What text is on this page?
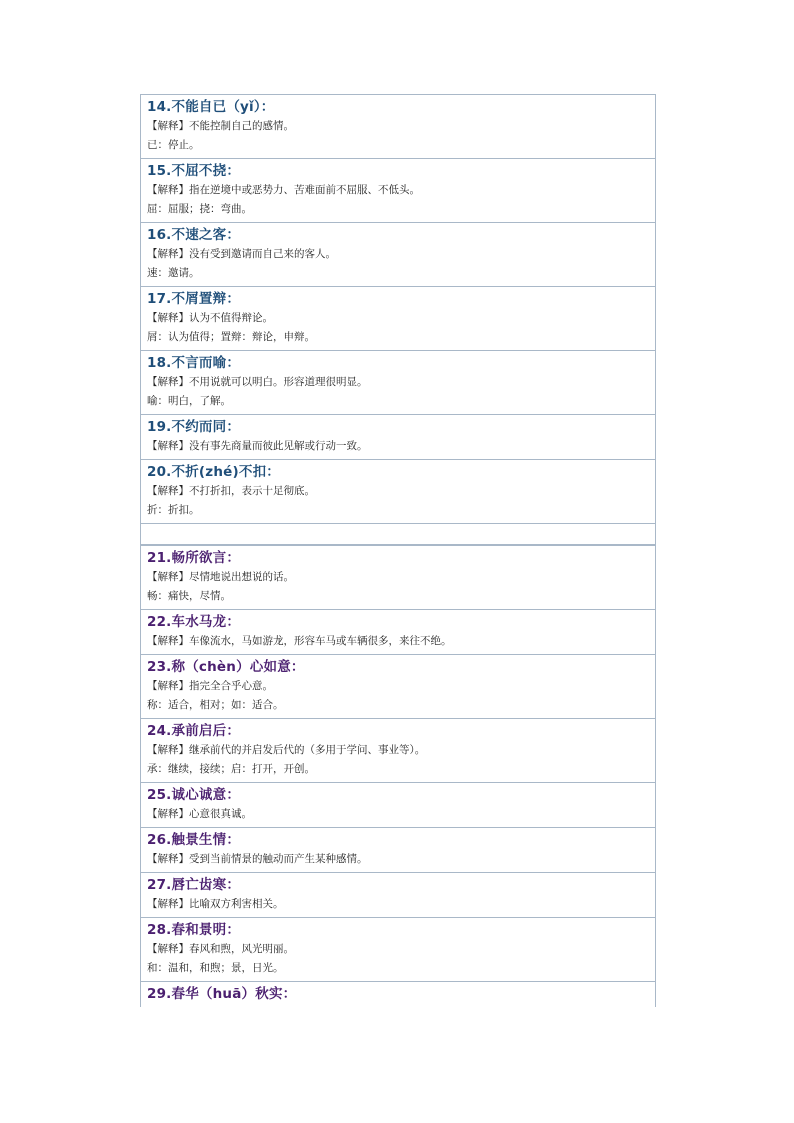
14.不能自已（yǐ）：
【解释】不能控制自己的感情。
已：停止。
15.不屈不挠：
【解释】指在逆境中或恶势力、苦难面前不屈服、不低头。
屈：屈服；挠：弯曲。
16.不速之客：
【解释】没有受到邀请而自己来的客人。
速：邀请。
17.不屑置辩：
【解释】认为不值得辩论。
屑：认为值得；置辩：辩论，申辩。
18.不言而喻：
【解释】不用说就可以明白。形容道理很明显。
喻：明白，了解。
19.不约而同：
【解释】没有事先商量而彼此见解或行动一致。
20.不折(zhé)不扣：
【解释】不打折扣，表示十足彻底。
折：折扣。
21.畅所欲言：
【解释】尽情地说出想说的话。
畅：痛快，尽情。
22.车水马龙：
【解释】车像流水，马如游龙，形容车马或车辆很多，来往不绝。
23.称（chèn）心如意：
【解释】指完全合乎心意。
称：适合，相对；如：适合。
24.承前启后：
【解释】继承前代的并启发后代的（多用于学问、事业等）。
承：继续，接续；启：打开，开创。
25.诚心诚意：
【解释】心意很真诚。
26.触景生情：
【解释】受到当前情景的触动而产生某种感情。
27.唇亡齿寒：
【解释】比喻双方利害相关。
28.春和景明：
【解释】春风和煦，风光明丽。
和：温和，和煦；景，日光。
29.春华（huā）秋实：
